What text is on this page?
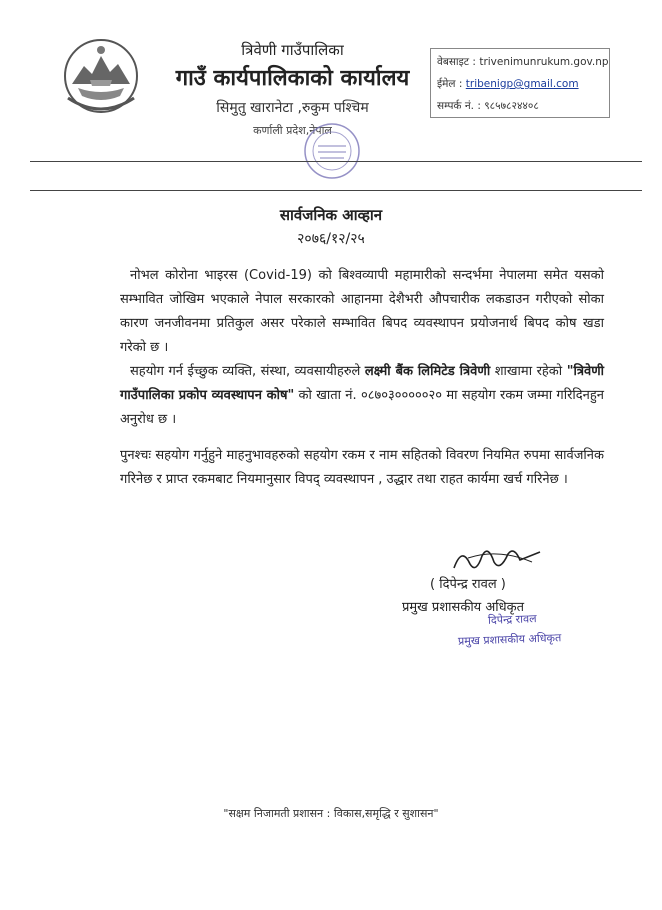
त्रिवेणी गाउँपालिका
गाउँ कार्यपालिकाको कार्यालय
सिमुतु खारानेटा ,रुकुम पश्चिम
कर्णाली प्रदेश,नेपाल
वेबसाइट : trivenimunrukum.gov.np
ईमेल : tribenigp@gmail.com
सम्पर्क नं. : ९८५७८२४४०८
सार्वजनिक आव्हान
२०७६/१२/२५
नोभल कोरोना भाइरस (Covid-19) को बिश्वव्यापी महामारीको सन्दर्भमा नेपालमा समेत यसको सम्भावित जोखिम भएकाले नेपाल सरकारको आहानमा देशैभरी औपचारीक लकडाउन गरीएको सोका कारण जनजीवनमा प्रतिकुल असर परेकाले सम्भावित बिपद व्यवस्थापन प्रयोजनार्थ बिपद कोष खडा गरेको छ ।
सहयोग गर्न ईच्छुक व्यक्ति, संस्था, व्यवसायीहरुले लक्ष्मी बैंक लिमिटेड त्रिवेणी शाखामा रहेको "त्रिवेणी गाउँपालिका प्रकोप व्यवस्थापन कोष" को खाता नं. ०८७०३०००००२० मा सहयोग रकम जम्मा गरिदिनहुन अनुरोध छ ।
पुनश्चः सहयोग गर्नुहुने माहनुभावहरुको सहयोग रकम र नाम सहितको विवरण नियमित रुपमा सार्वजनिक गरिनेछ र प्राप्त रकमबाट नियमानुसार विपद् व्यवस्थापन , उद्धार तथा राहत कार्यमा खर्च गरिनेछ ।
( दिपेन्द्र रावल )
प्रमुख प्रशासकीय अधिकृत
दिपेन्द्र रावल
प्रमुख प्रशासकीय अधिकृत
"सक्षम निजामती प्रशासन : विकास,समृद्धि र सुशासन"
